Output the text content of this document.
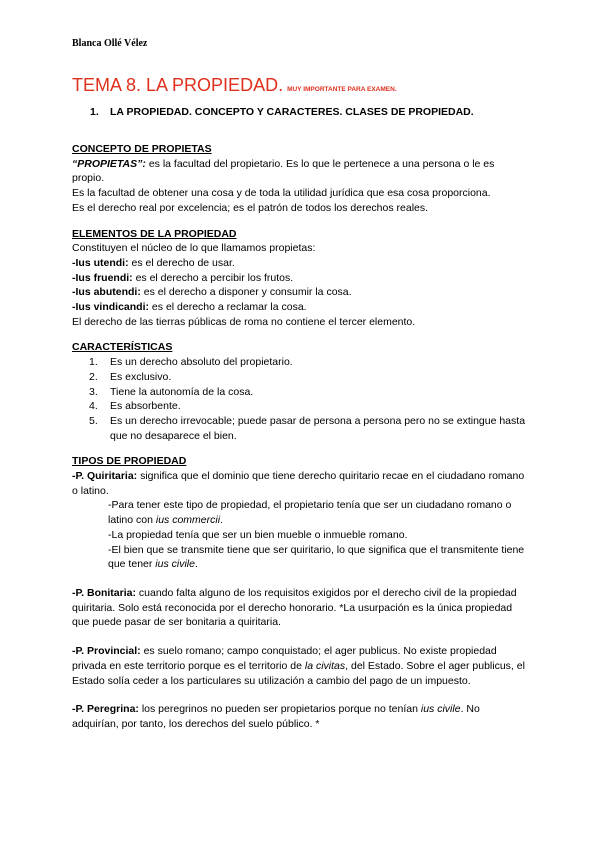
Blanca Ollé Vélez
TEMA 8. LA PROPIEDAD. MUY IMPORTANTE PARA EXAMEN.
1. LA PROPIEDAD. CONCEPTO Y CARACTERES. CLASES DE PROPIEDAD.

CONCEPTO DE PROPIETAS

“PROPIETAS”: es la facultad del propietario. Es lo que le pertenece a una persona o le es propio.

Es la facultad de obtener una cosa y de toda la utilidad jurídica que esa cosa proporciona.

Es el derecho real por excelencia; es el patrón de todos los derechos reales.

ELEMENTOS DE LA PROPIEDAD

Constituyen el núcleo de lo que llamamos propietas:

-Ius utendi: es el derecho de usar.

-Ius fruendi: es el derecho a percibir los frutos.

-Ius abutendi: es el derecho a disponer y consumir la cosa.

-Ius vindicandi: es el derecho a reclamar la cosa.

El derecho de las tierras públicas de roma no contiene el tercer elemento.

CARACTERÍSTICAS

1. Es un derecho absoluto del propietario.
2. Es exclusivo.
3. Tiene la autonomía de la cosa.
4. Es absorbente.
5. Es un derecho irrevocable; puede pasar de persona a persona pero no se extingue hasta que no desaparece el bien.

TIPOS DE PROPIEDAD

-P. Quiritaria: significa que el dominio que tiene derecho quiritario recae en el ciudadano romano o latino.

-Para tener este tipo de propiedad, el propietario tenía que ser un ciudadano romano o latino con ius commercii.

-La propiedad tenía que ser un bien mueble o inmueble romano.

-El bien que se transmite tiene que ser quiritario, lo que significa que el transmitente tiene que tener ius civile.

-P. Bonitaria: cuando falta alguno de los requisitos exigidos por el derecho civil de la propiedad quiritaria. Solo está reconocida por el derecho honorario. *La usurpación es la única propiedad que puede pasar de ser bonitaria a quiritaria.

-P. Provincial: es suelo romano; campo conquistado; el ager publicus. No existe propiedad privada en este territorio porque es el territorio de la civitas, del Estado. Sobre el ager publicus, el Estado solía ceder a los particulares su utilización a cambio del pago de un impuesto.

-P. Peregrina: los peregrinos no pueden ser propietarios porque no tenían ius civile. No adquirían, por tanto, los derechos del suelo público. *
